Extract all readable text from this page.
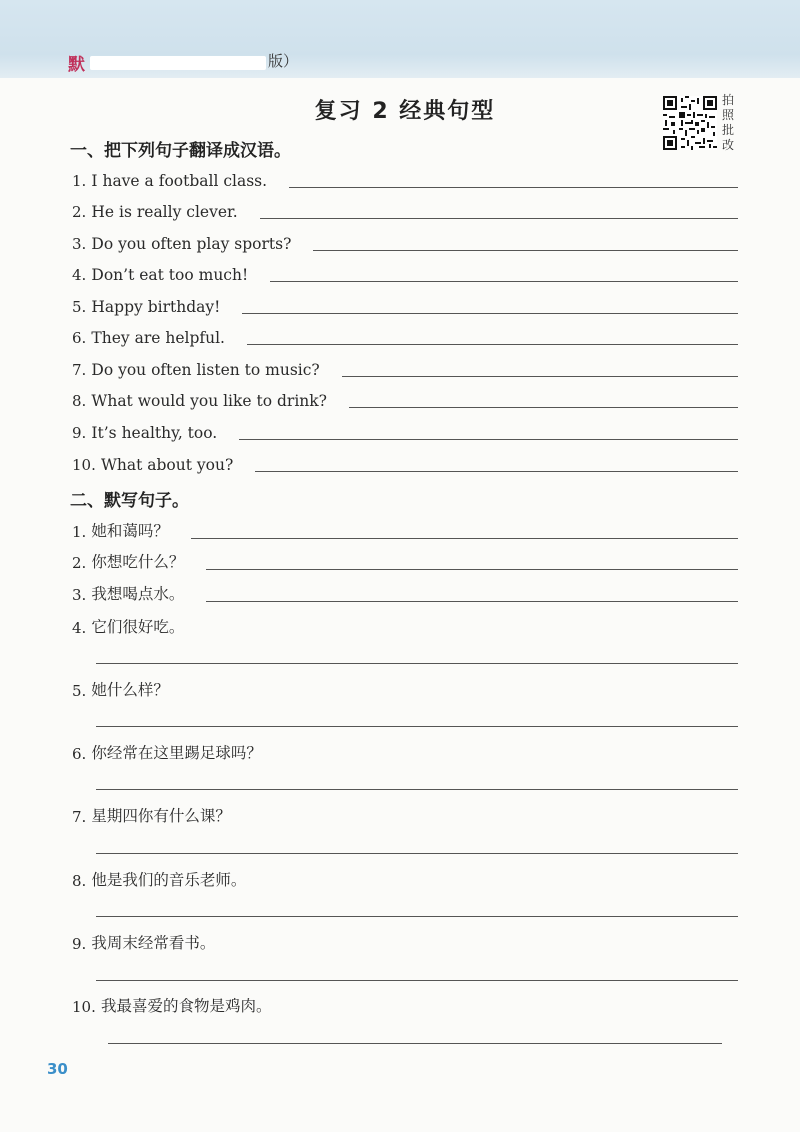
默	版）
复习 2 经典句型	拍照批改
一、把下列句子翻译成汉语。
1.
I have a football class.
2.
He is really clever.
3.
Do you often play sports?
4.
Don’t eat too much!
5.
Happy birthday!
6.
They are helpful.
7.
Do you often listen to music?
8.
What would you like to drink?
9.
It’s healthy, too.
10.
What about you?
二、默写句子。
1.
她和蔼吗？
2.
你想吃什么？
3.
我想喝点水。
4.
它们很好吃。
5.
她什么样？
6.
你经常在这里踢足球吗？
7.
星期四你有什么课？
8.
他是我们的音乐老师。
9.
我周末经常看书。
10.
我最喜爱的食物是鸡肉。
30
